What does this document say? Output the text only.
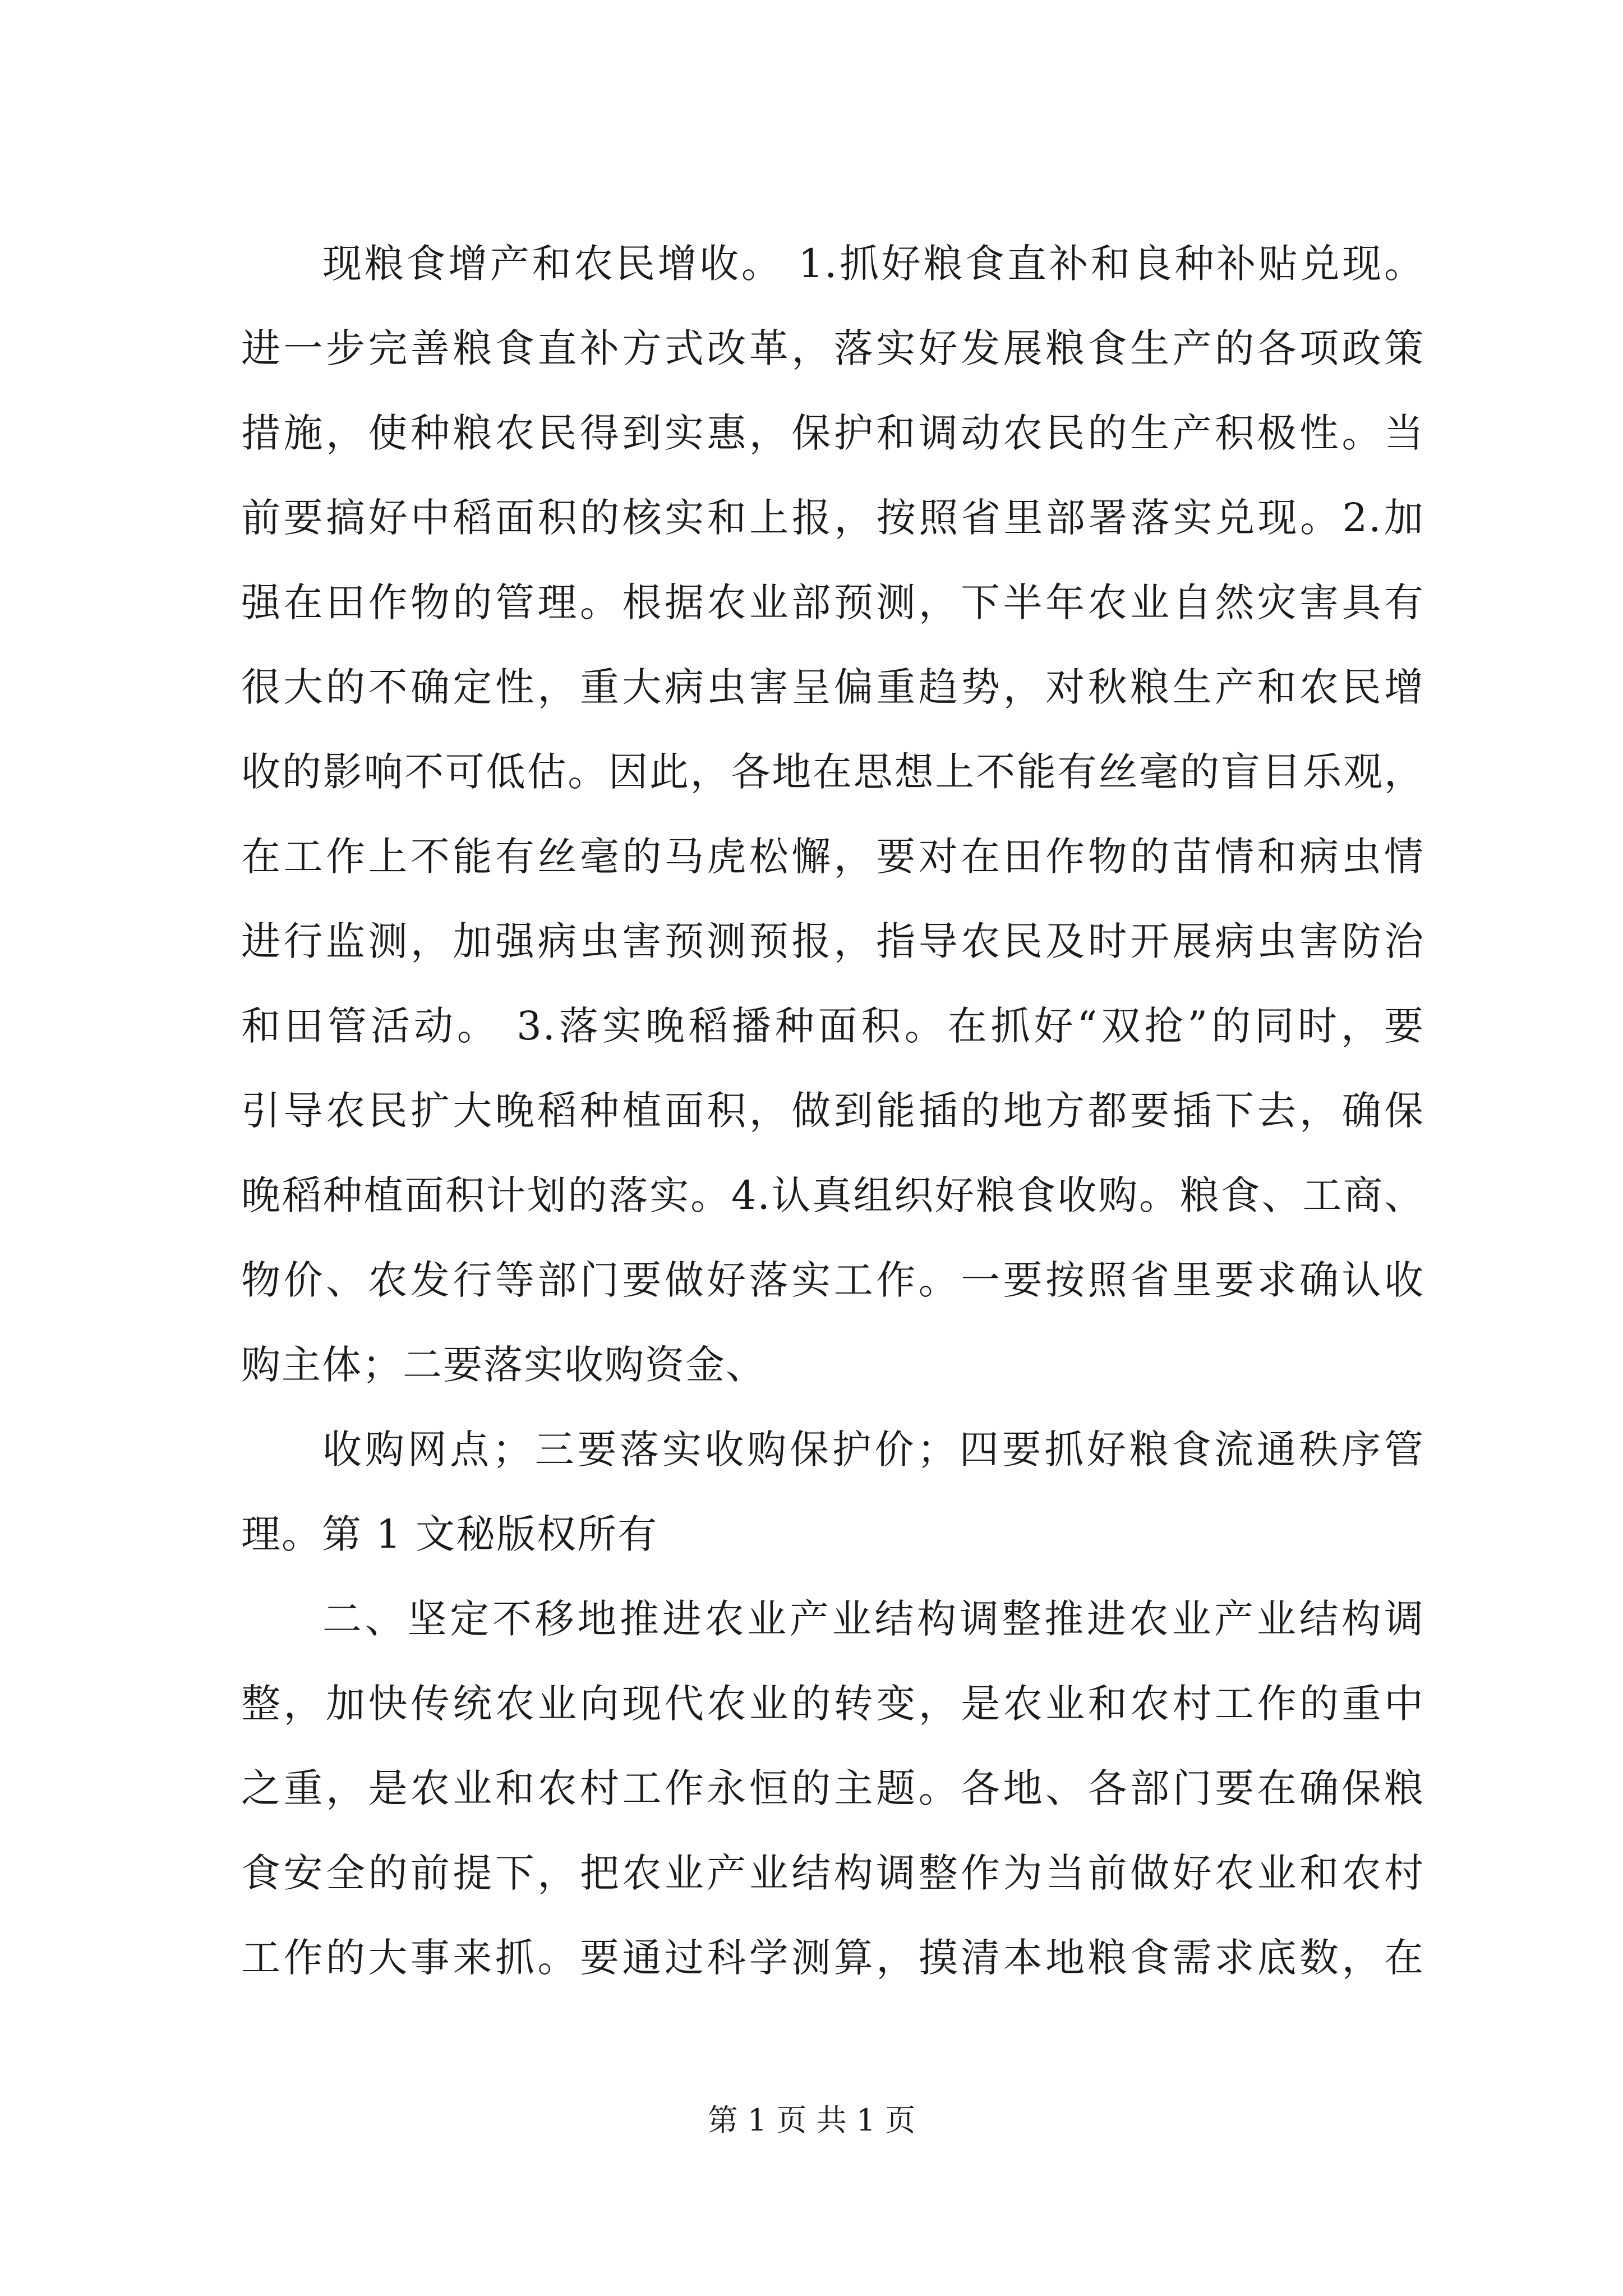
现粮食增产和农民增收。 1.抓好粮食直补和良种补贴兑现。
进一步完善粮食直补方式改革，落实好发展粮食生产的各项政策
措施，使种粮农民得到实惠，保护和调动农民的生产积极性。当
前要搞好中稻面积的核实和上报，按照省里部署落实兑现。2.加
强在田作物的管理。根据农业部预测，下半年农业自然灾害具有
很大的不确定性，重大病虫害呈偏重趋势，对秋粮生产和农民增
收的影响不可低估。因此，各地在思想上不能有丝毫的盲目乐观，
在工作上不能有丝毫的马虎松懈，要对在田作物的苗情和病虫情
进行监测，加强病虫害预测预报，指导农民及时开展病虫害防治
和田管活动。 3.落实晚稻播种面积。在抓好“双抢”的同时，要
引导农民扩大晚稻种植面积，做到能插的地方都要插下去，确保
晚稻种植面积计划的落实。4.认真组织好粮食收购。粮食、工商、
物价、农发行等部门要做好落实工作。一要按照省里要求确认收
购主体；二要落实收购资金、

收购网点；三要落实收购保护价；四要抓好粮食流通秩序管
理。第 1 文秘版权所有

二、坚定不移地推进农业产业结构调整推进农业产业结构调
整，加快传统农业向现代农业的转变，是农业和农村工作的重中
之重，是农业和农村工作永恒的主题。各地、各部门要在确保粮
食安全的前提下，把农业产业结构调整作为当前做好农业和农村
工作的大事来抓。要通过科学测算，摸清本地粮食需求底数，在

第 1 页 共 1 页
